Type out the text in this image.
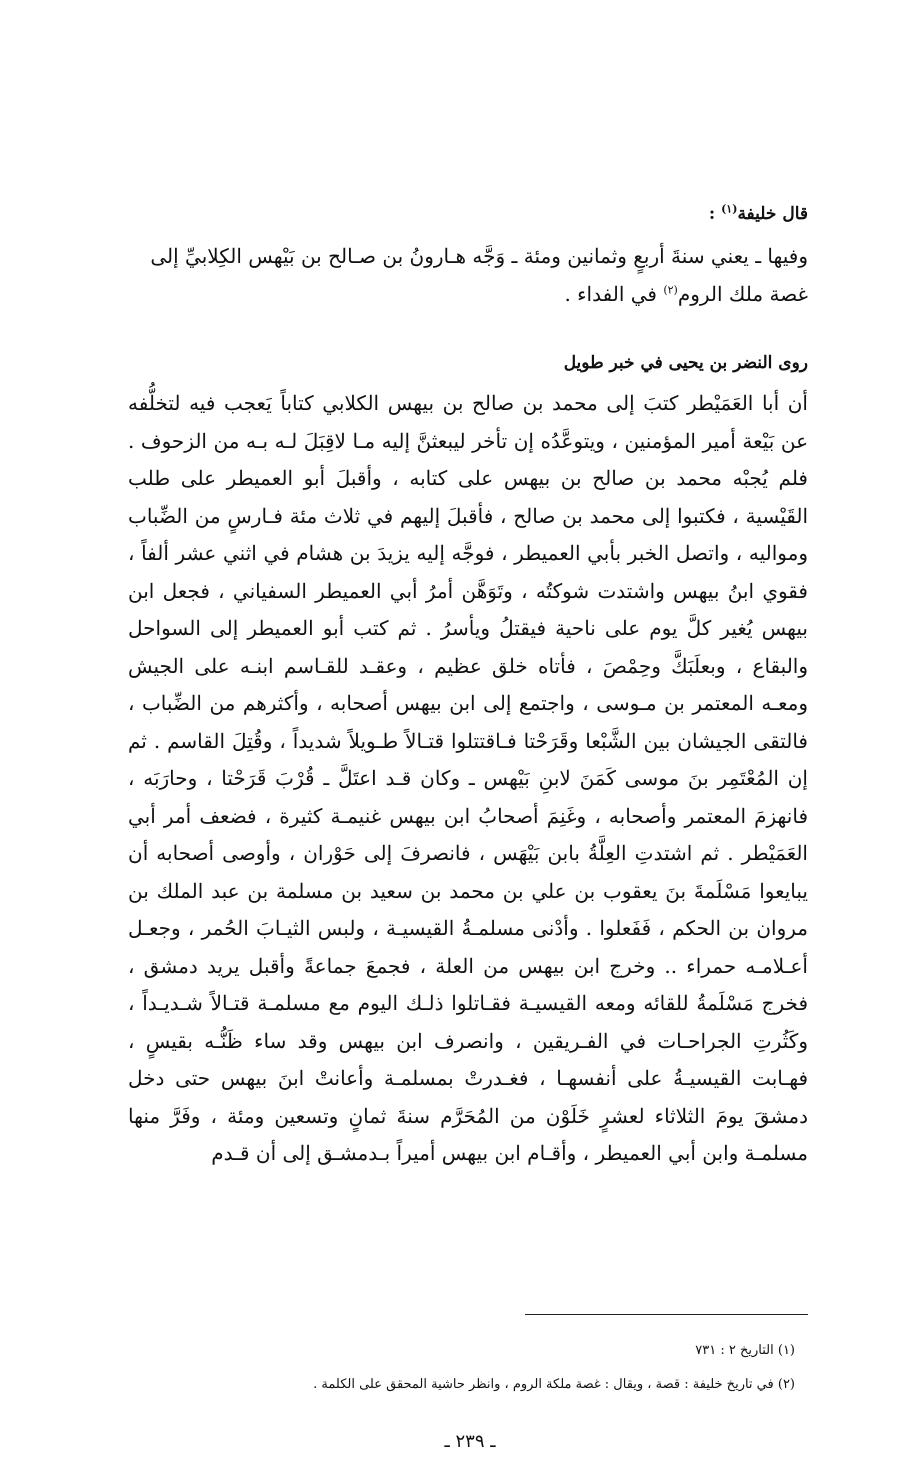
قال خليفة$^{(١)}$ :

وفيها ـ يعني سنةَ أربعٍ وثمانين ومئة ـ وَجَّه هـارونُ بن صـالح بن بَيْهس الكِلابيِّ إلى

غصة ملك الروم$^{(٢)}$ في الفداء .

روى النضر بن يحيى في خبر طويل

أن أبا العَمَيْطر كتبَ إلى محمد بن صالح بن بيهس الكلابي كتاباً يَعجب فيه لتخلُّفه عن بَيْعة أمير المؤمنين ، ويتوعَّدُه إن تأخر ليبعثنَّ إليه مـا لاقِبَلَ لـه بـه من الزحوف . فلم يُجبْه محمد بن صالح بن بيهس على كتابه ، وأقبلَ أبو العميطر على طلب القَيْسية ، فكتبوا إلى محمد بن صالح ، فأقبلَ إليهم في ثلاث مئة فـارسٍ من الضِّباب ومواليه ، واتصل الخبر بأبي العميطر ، فوجَّه إليه يزيدَ بن هشام في اثني عشر ألفاً ، فقوي ابنُ بيهس واشتدت شوكتُه ، وتَوَهَّن أمرُ أبي العميطر السفياني ، فجعل ابن بيهس يُغير كلَّ يوم على ناحية فيقتلُ ويأسرُ . ثم كتب أبو العميطر إلى السواحل والبقاع ، وبعلَبَكَّ وحِمْصَ ، فأتاه خلق عظيم ، وعقـد للقـاسم ابنـه على الجيش ومعـه المعتمر بن مـوسى ، واجتمع إلى ابن بيهس أصحابه ، وأكثرهم من الضِّباب ، فالتقى الجيشان بين الشَّبْعا وقَرَحْتا فـاقتتلوا قتـالاً طـويلاً شديداً ، وقُتِلَ القاسم . ثم إن المُعْتَمِر بنَ موسى كَمَنَ لابنِ بَيْهس ـ وكان قـد اعتَلَّ ـ قُرْبَ قَرَحْتا ، وحارَبَه ، فانهزمَ المعتمر وأصحابه ، وغَنِمَ أصحابُ ابن بيهس غنيمـة كثيرة ، فضعف أمر أبي العَمَيْطر . ثم اشتدتِ العِلَّةُ بابن بَيْهَس ، فانصرفَ إلى حَوْران ، وأوصى أصحابه أن يبايعوا مَسْلَمةَ بنَ يعقوب بن علي بن محمد بن سعيد بن مسلمة بن عبد الملك بن مروان بن الحكم ، فَفَعلوا . وأدْنى مسلمـةُ القيسيـة ، ولبس الثيـابَ الحُمر ، وجعـل أعـلامـه حمراء .. وخرج ابن بيهس من العلة ، فجمعَ جماعةً وأقبل يريد دمشق ، فخرج مَسْلَمةُ للقائه ومعه القيسيـة فقـاتلوا ذلـك اليوم مع مسلمـة قتـالاً شـديـداً ، وكَثُرتِ الجراحـات في الفـريقين ، وانصرف ابن بيهس وقد ساء ظَنُّـه بقيسٍ ، فهـابت القيسيـةُ على أنفسهـا ، فغـدرتْ بمسلمـة وأعانتْ ابنَ بيهس حتى دخل دمشقَ يومَ الثلاثاء لعشرٍ خَلَوْن من المُحَرَّم سنةَ ثمانٍ وتسعين ومئة ، وفَرَّ منها مسلمـة وابن أبي العميطر ، وأقـام ابن بيهس أميراً بـدمشـق إلى أن قـدم

(١) التاريخ ٢ : ٧٣١

(٢) في تاريخ خليفة : قصة ، ويقال : غصة ملكة الروم ، وانظر حاشية المحقق على الكلمة .

ـ ٢٣٩ ـ
